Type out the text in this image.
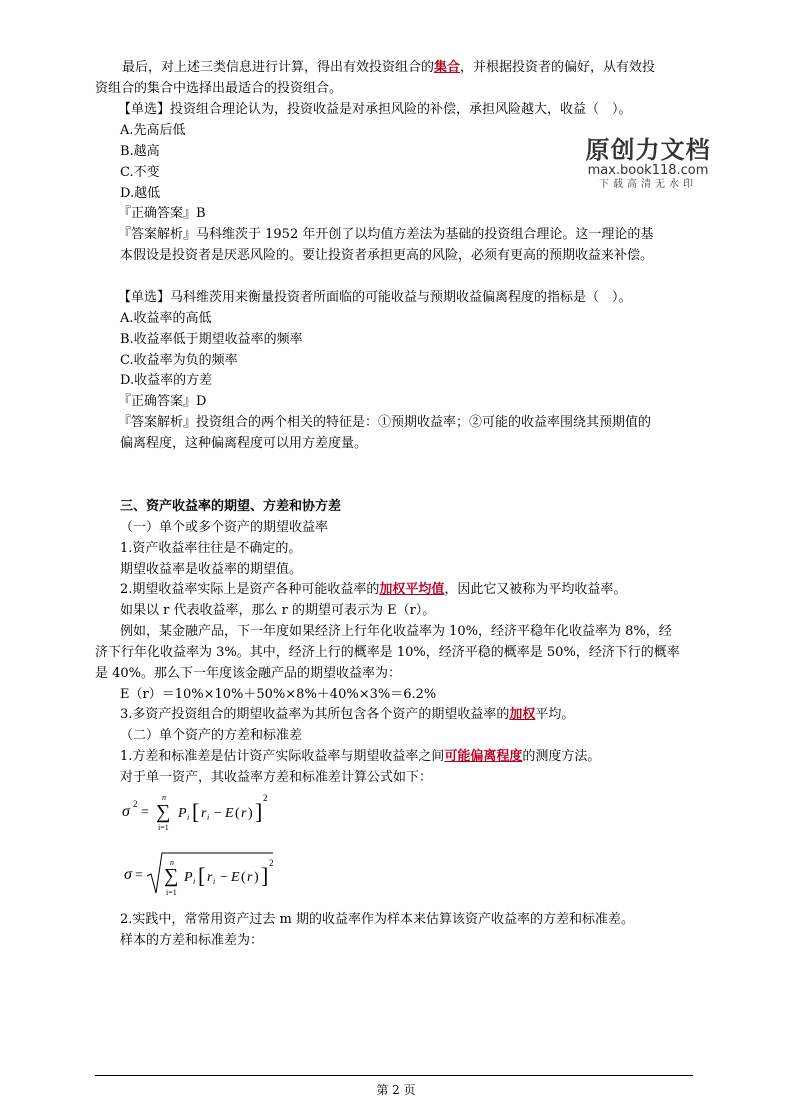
最后，对上述三类信息进行计算，得出有效投资组合的集合，并根据投资者的偏好，从有效投
资组合的集合中选择出最适合的投资组合。
【单选】投资组合理论认为，投资收益是对承担风险的补偿，承担风险越大，收益（　）。
A.先高后低
B.越高
C.不变
D.越低
『正确答案』B
『答案解析』马科维茨于 1952 年开创了以均值方差法为基础的投资组合理论。这一理论的基
本假设是投资者是厌恶风险的。要让投资者承担更高的风险，必须有更高的预期收益来补偿。
原创力文档
max.book118.com
下载高清无水印
【单选】马科维茨用来衡量投资者所面临的可能收益与预期收益偏离程度的指标是（　）。
A.收益率的高低
B.收益率低于期望收益率的频率
C.收益率为负的频率
D.收益率的方差
『正确答案』D
『答案解析』投资组合的两个相关的特征是：①预期收益率；②可能的收益率围绕其预期值的
偏离程度，这种偏离程度可以用方差度量。
三、资产收益率的期望、方差和协方差
（一）单个或多个资产的期望收益率
1.资产收益率往往是不确定的。
期望收益率是收益率的期望值。
2.期望收益率实际上是资产各种可能收益率的加权平均值，因此它又被称为平均收益率。
如果以 r 代表收益率，那么 r 的期望可表示为 E（r）。
例如，某金融产品，下一年度如果经济上行年化收益率为 10%，经济平稳年化收益率为 8%，经
济下行年化收益率为 3%。其中，经济上行的概率是 10%，经济平稳的概率是 50%，经济下行的概率
是 40%。那么下一年度该金融产品的期望收益率为：
E（r）＝10%×10%＋50%×8%＋40%×3%＝6.2%
3.多资产投资组合的期望收益率为其所包含各个资产的期望收益率的加权平均。
（二）单个资产的方差和标准差
1.方差和标准差是估计资产实际收益率与期望收益率之间可能偏离程度的测度方法。
对于单一资产，其收益率方差和标准差计算公式如下：
σ 2
= ∑
n
i=1
P i [ r i − E ( r ) ]
2
σ = ∑
n
i=1
P i [ r i − E ( r ) ] 2
2.实践中，常常用资产过去 m 期的收益率作为样本来估算该资产收益率的方差和标准差。
样本的方差和标准差为：
第 2 页
